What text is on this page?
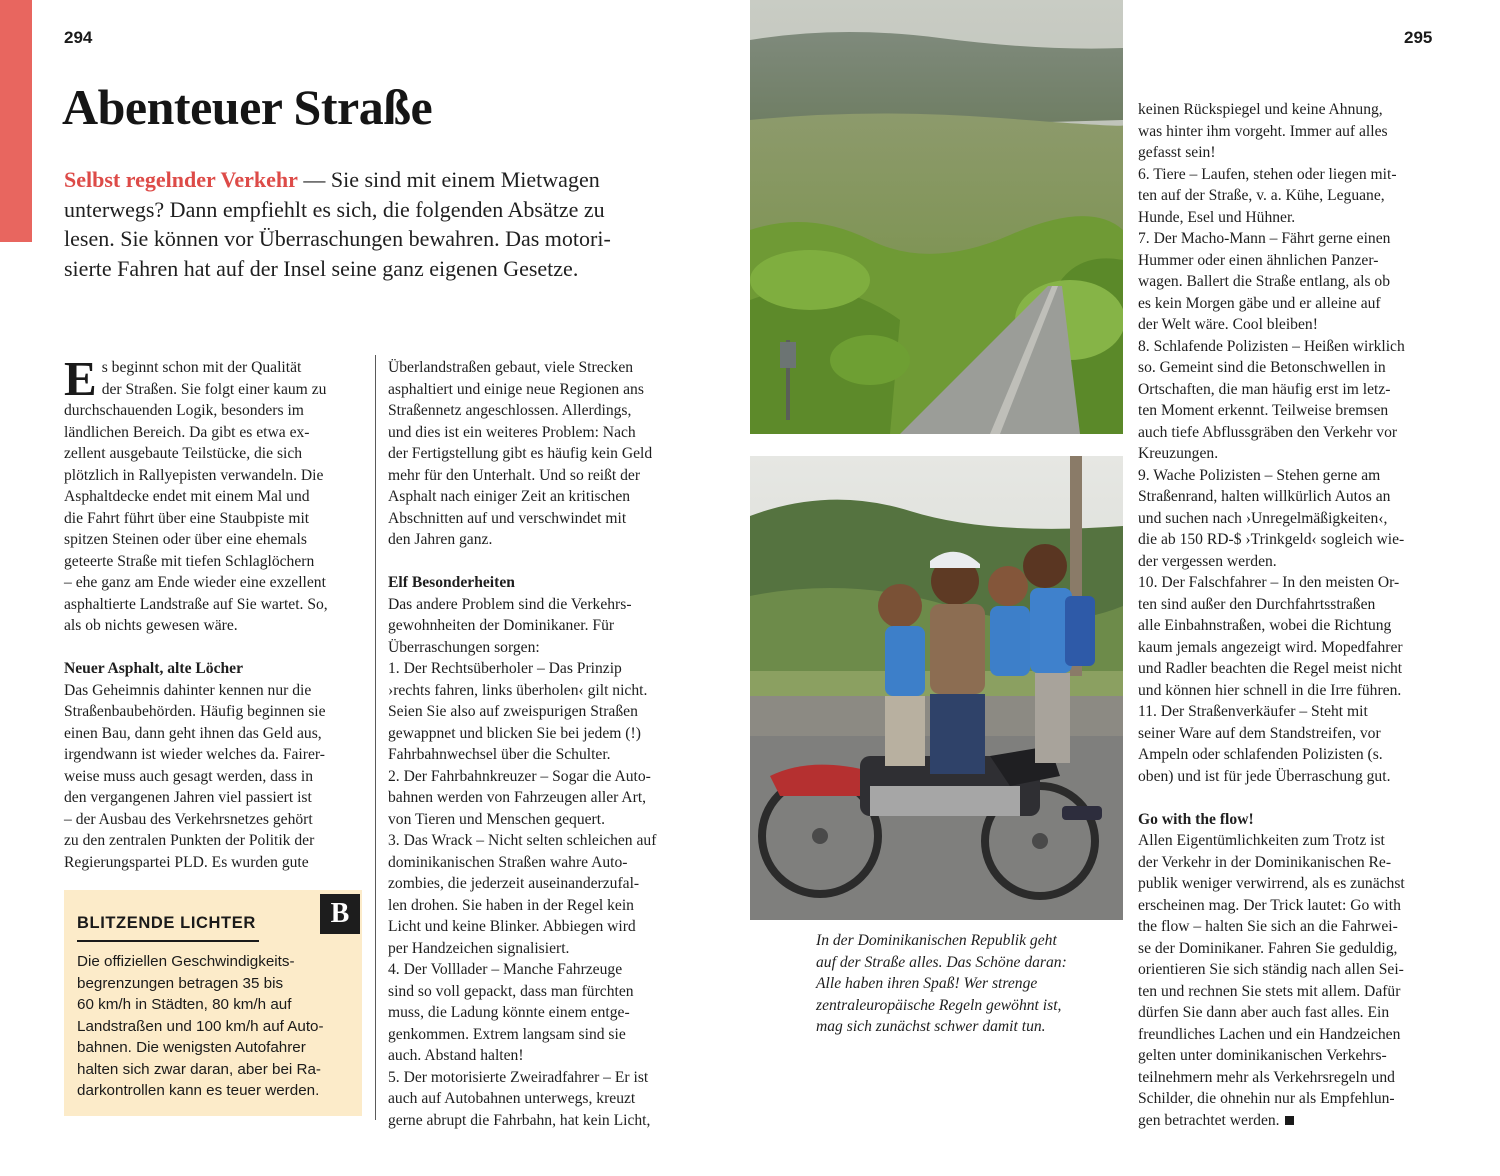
294	295
Abenteuer Straße
Selbst regelnder Verkehr — Sie sind mit einem Mietwagen
unterwegs? Dann empfiehlt es sich, die folgenden Absätze zu
lesen. Sie können vor Überraschungen bewahren. Das motori-
sierte Fahren hat auf der Insel seine ganz eigenen Gesetze.
E s beginnt schon mit der Qualität

der Straßen. Sie folgt einer kaum zu

durchschauenden Logik, besonders im

ländlichen Bereich. Da gibt es etwa ex-

zellent ausgebaute Teilstücke, die sich

plötzlich in Rallyepisten verwandeln. Die

Asphaltdecke endet mit einem Mal und

die Fahrt führt über eine Staubpiste mit

spitzen Steinen oder über eine ehemals

geteerte Straße mit tiefen Schlaglöchern

– ehe ganz am Ende wieder eine exzellent

asphaltierte Landstraße auf Sie wartet. So,

als ob nichts gewesen wäre.

Neuer Asphalt, alte Löcher

Das Geheimnis dahinter kennen nur die

Straßenbaubehörden. Häufig beginnen sie

einen Bau, dann geht ihnen das Geld aus,

irgendwann ist wieder welches da. Fairer-

weise muss auch gesagt werden, dass in

den vergangenen Jahren viel passiert ist

– der Ausbau des Verkehrsnetzes gehört

zu den zentralen Punkten der Politik der

Regierungspartei PLD. Es wurden gute

B
BLITZENDE LICHTER
Die offiziellen Geschwindigkeits-
begrenzungen betragen 35 bis
60 km/h in Städten, 80 km/h auf
Landstraßen und 100 km/h auf Auto-
bahnen. Die wenigsten Autofahrer
halten sich zwar daran, aber bei Ra-
darkontrollen kann es teuer werden.

Überlandstraßen gebaut, viele Strecken

asphaltiert und einige neue Regionen ans

Straßennetz angeschlossen. Allerdings,

und dies ist ein weiteres Problem: Nach

der Fertigstellung gibt es häufig kein Geld

mehr für den Unterhalt. Und so reißt der

Asphalt nach einiger Zeit an kritischen

Abschnitten auf und verschwindet mit

den Jahren ganz.

Elf Besonderheiten

Das andere Problem sind die Verkehrs-

gewohnheiten der Dominikaner. Für

Überraschungen sorgen:

1. Der Rechtsüberholer – Das Prinzip

›rechts fahren, links überholen‹ gilt nicht.

Seien Sie also auf zweispurigen Straßen

gewappnet und blicken Sie bei jedem (!)

Fahrbahnwechsel über die Schulter.

2. Der Fahrbahnkreuzer – Sogar die Auto-

bahnen werden von Fahrzeugen aller Art,

von Tieren und Menschen gequert.

3. Das Wrack – Nicht selten schleichen auf

dominikanischen Straßen wahre Auto-

zombies, die jederzeit auseinanderzufal-

len drohen. Sie haben in der Regel kein

Licht und keine Blinker. Abbiegen wird

per Handzeichen signalisiert.

4. Der Volllader – Manche Fahrzeuge

sind so voll gepackt, dass man fürchten

muss, die Ladung könnte einem entge-

genkommen. Extrem langsam sind sie

auch. Abstand halten!

5. Der motorisierte Zweiradfahrer – Er ist

auch auf Autobahnen unterwegs, kreuzt

gerne abrupt die Fahrbahn, hat kein Licht,

In der Dominikanischen Republik geht
auf der Straße alles. Das Schöne daran:
Alle haben ihren Spaß! Wer strenge
zentraleuropäische Regeln gewöhnt ist,
mag sich zunächst schwer damit tun.

keinen Rückspiegel und keine Ahnung,

was hinter ihm vorgeht. Immer auf alles

gefasst sein!

6. Tiere – Laufen, stehen oder liegen mit-

ten auf der Straße, v. a. Kühe, Leguane,

Hunde, Esel und Hühner.

7. Der Macho-Mann – Fährt gerne einen

Hummer oder einen ähnlichen Panzer-

wagen. Ballert die Straße entlang, als ob

es kein Morgen gäbe und er alleine auf

der Welt wäre. Cool bleiben!

8. Schlafende Polizisten – Heißen wirklich

so. Gemeint sind die Betonschwellen in

Ortschaften, die man häufig erst im letz-

ten Moment erkennt. Teilweise bremsen

auch tiefe Abflussgräben den Verkehr vor

Kreuzungen.

9. Wache Polizisten – Stehen gerne am

Straßenrand, halten willkürlich Autos an

und suchen nach ›Unregelmäßigkeiten‹,

die ab 150 RD-$ ›Trinkgeld‹ sogleich wie-

der vergessen werden.

10. Der Falschfahrer – In den meisten Or-

ten sind außer den Durchfahrtsstraßen

alle Einbahnstraßen, wobei die Richtung

kaum jemals angezeigt wird. Mopedfahrer

und Radler beachten die Regel meist nicht

und können hier schnell in die Irre führen.

11. Der Straßenverkäufer – Steht mit

seiner Ware auf dem Standstreifen, vor

Ampeln oder schlafenden Polizisten (s.

oben) und ist für jede Überraschung gut.

Go with the flow!

Allen Eigentümlichkeiten zum Trotz ist

der Verkehr in der Dominikanischen Re-

publik weniger verwirrend, als es zunächst

erscheinen mag. Der Trick lautet: Go with

the flow – halten Sie sich an die Fahrwei-

se der Dominikaner. Fahren Sie geduldig,

orientieren Sie sich ständig nach allen Sei-

ten und rechnen Sie stets mit allem. Dafür

dürfen Sie dann aber auch fast alles. Ein

freundliches Lachen und ein Handzeichen

gelten unter dominikanischen Verkehrs-

teilnehmern mehr als Verkehrsregeln und

Schilder, die ohnehin nur als Empfehlun-

gen betrachtet werden.
